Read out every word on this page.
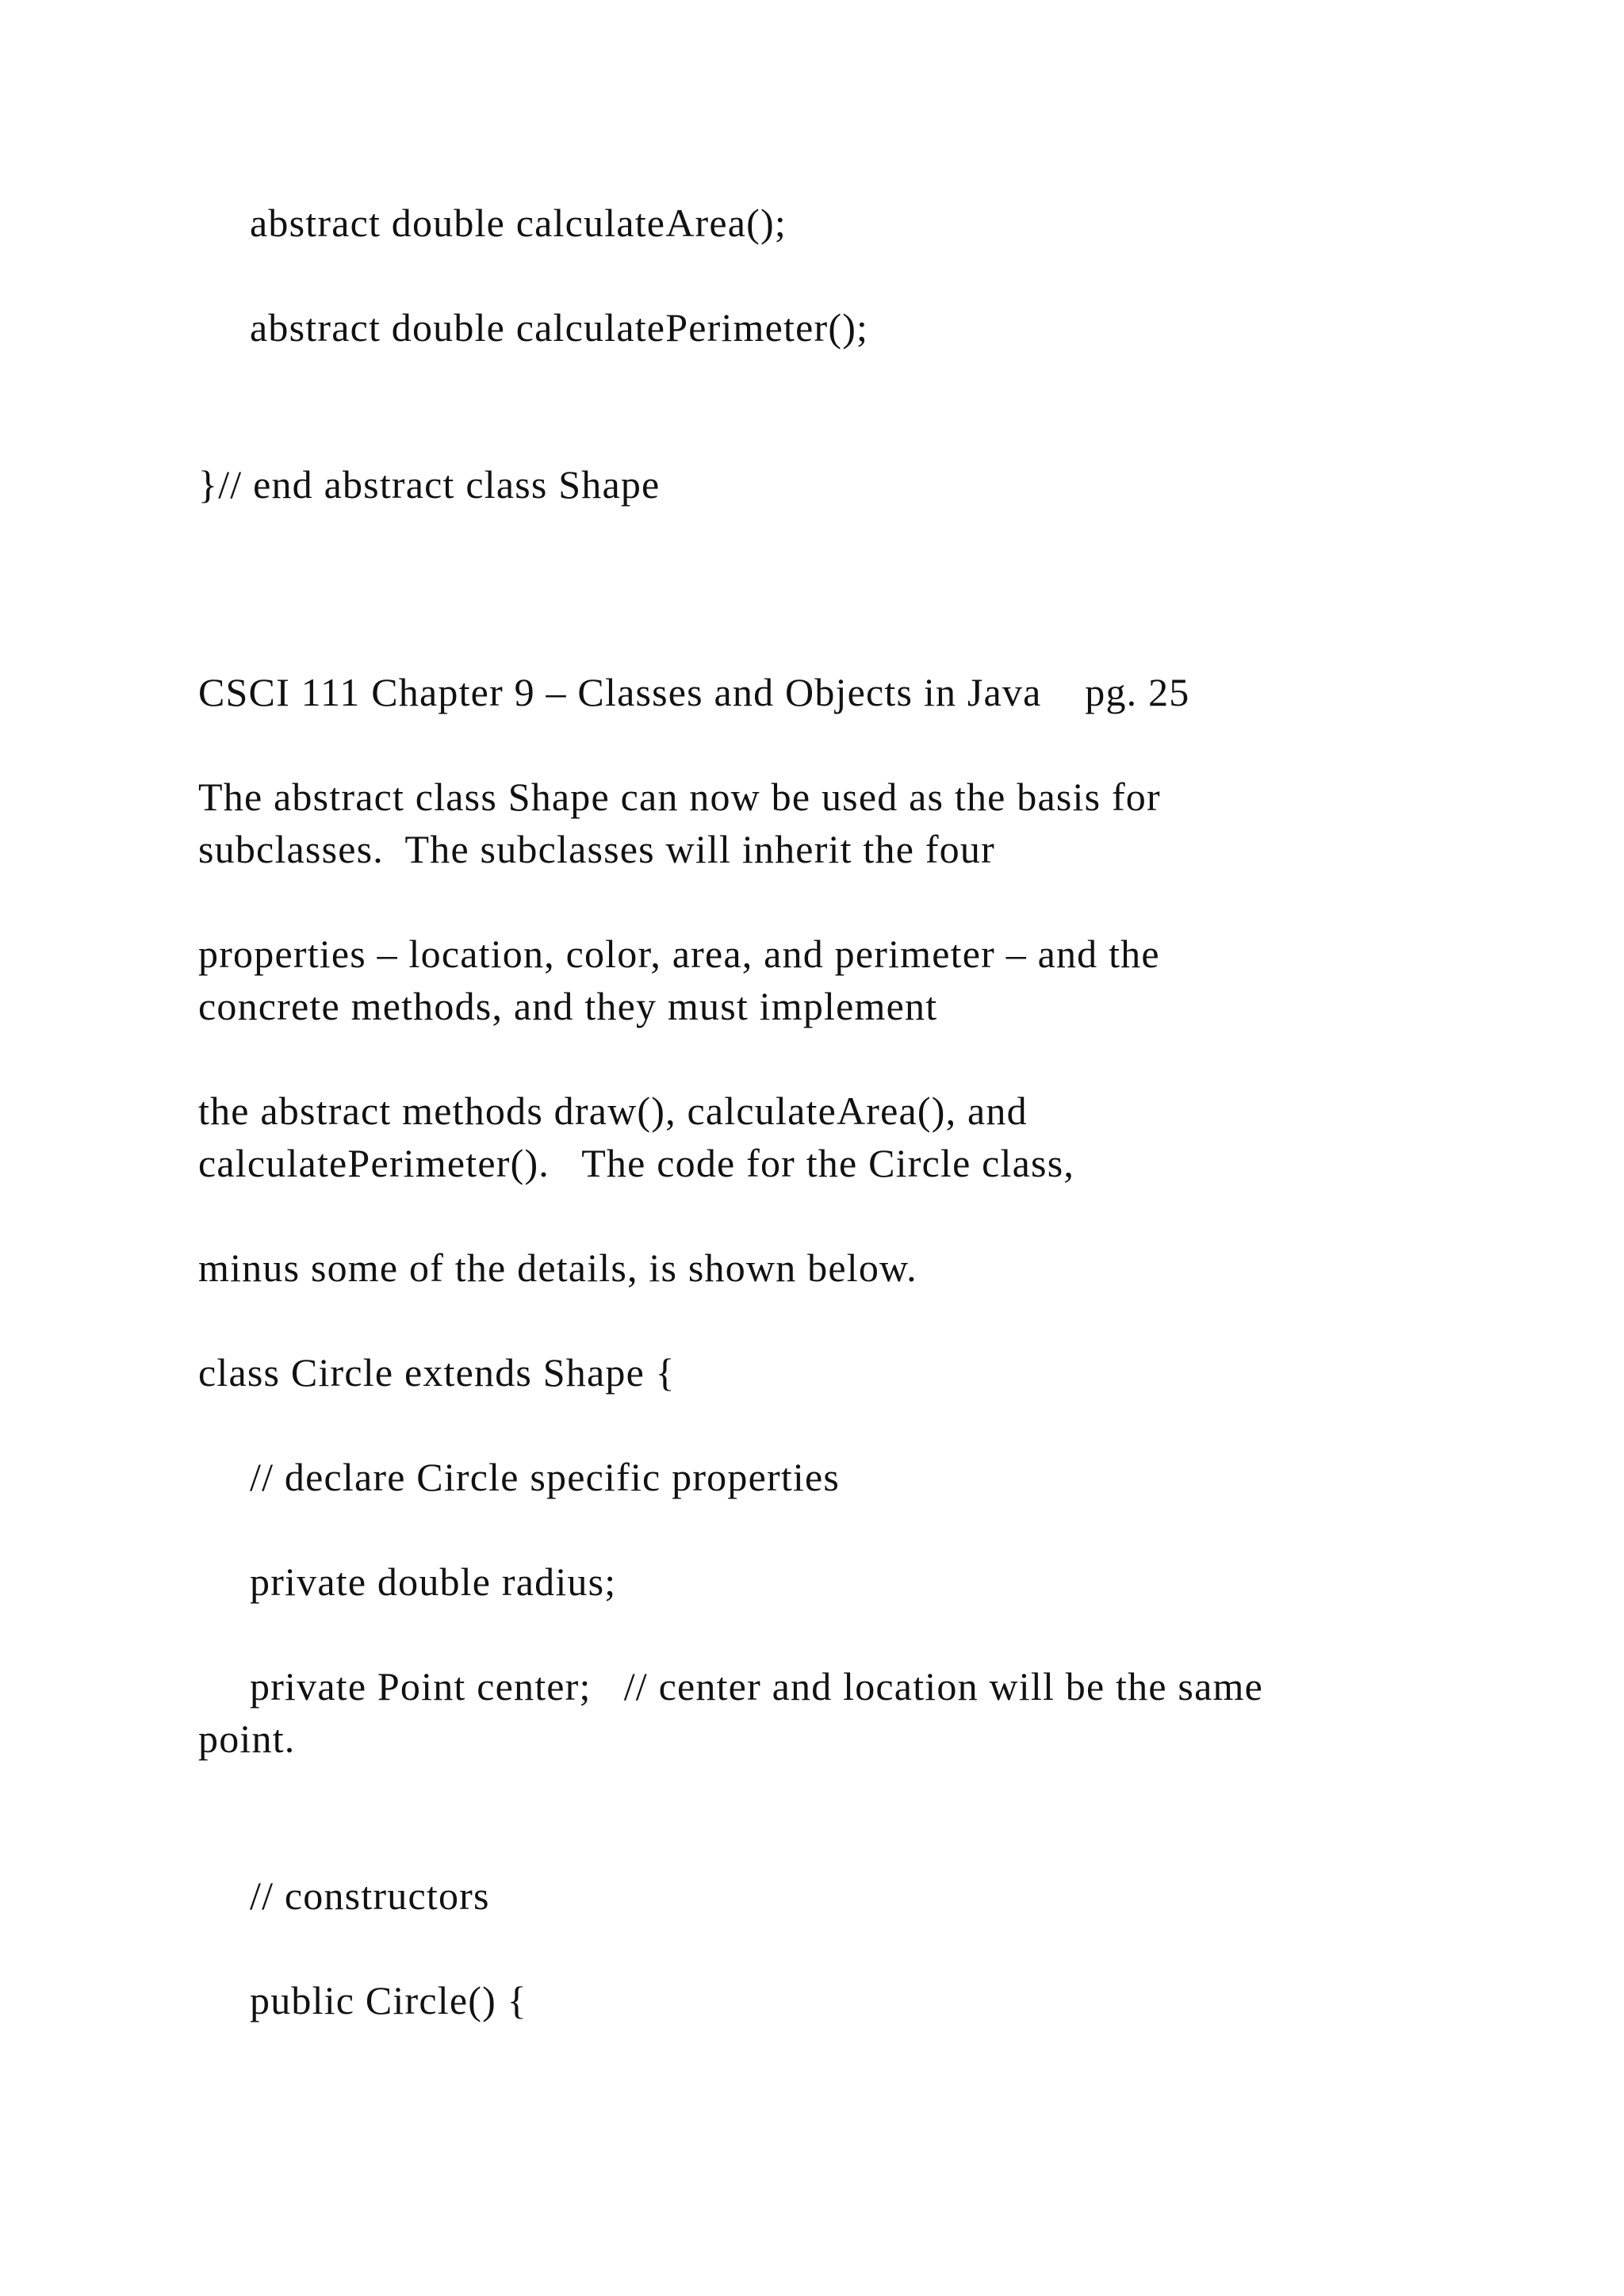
abstract double calculateArea();

abstract double calculatePerimeter();

}// end abstract class Shape

CSCI 111 Chapter 9 – Classes and Objects in Java    pg. 25

The abstract class Shape can now be used as the basis for

subclasses.  The subclasses will inherit the four

properties – location, color, area, and perimeter – and the

concrete methods, and they must implement

the abstract methods draw(), calculateArea(), and

calculatePerimeter().   The code for the Circle class,

minus some of the details, is shown below.

class Circle extends Shape {

// declare Circle specific properties

private double radius;

private Point center;   // center and location will be the same

point.

// constructors

public Circle() {
